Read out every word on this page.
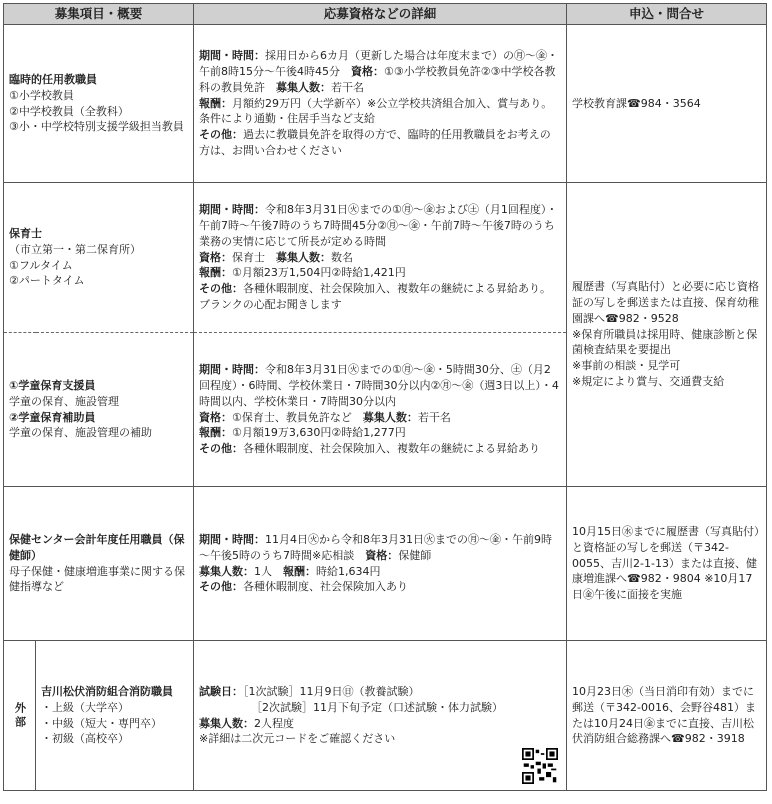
募集項目・概要		応募資格などの詳細	申込・問合せ

臨時的任用教職員
①小学校教員
②中学校教員（全教科）
③小・中学校特別支援学級担当教員		期間・時間：採用日から6カ月（更新した場合は年度末まで）の㊊～㊎・午前8時15分～午後4時45分　 資格：①③小学校教員免許②③中学校各教科の教員免許　 募集人数：若干名
報酬：月額約29万円（大学新卒）※公立学校共済組合加入、賞与あり。条件により通勤・住居手当など支給
その他：過去に教職員免許を取得の方で、臨時的任用教職員をお考えの方は、お問い合わせください	学校教育課☎984・3564

保育士
（市立第一・第二保育所）
①フルタイム
②パートタイム		期間・時間：令和8年3月31日㊋までの①㊊～㊎および㊏（月1回程度）・午前7時～午後7時のうち7時間45分②㊊～㊎・午前7時～午後7時のうち業務の実情に応じて所長が定める時間
資格：保育士　 募集人数：数名
報酬：①月額23万1,504円②時給1,421円
その他：各種休暇制度、社会保険加入、複数年の継続による昇給あり。ブランクの心配お聞きします	履歴書（写真貼付）と必要に応じ資格証の写しを郵送または直接、保育幼稚園課へ☎982・9528
※保育所職員は採用時、健康診断と保菌検査結果を要提出
※事前の相談・見学可
※規定により賞与、交通費支給

①学童保育支援員
学童の保育、施設管理
②学童保育補助員
学童の保育、施設管理の補助		期間・時間：令和8年3月31日㊋までの①㊊～㊎・5時間30分、㊏（月2回程度）・6時間、学校休業日・7時間30分以内②㊊～㊎（週3日以上）・4時間以内、学校休業日・7時間30分以内
資格：①保育士、教員免許など　 募集人数：若干名
報酬：①月額19万3,630円②時給1,277円
その他：各種休暇制度、社会保険加入、複数年の継続による昇給あり	

保健センター会計年度任用職員（保健師）
母子保健・健康増進事業に関する保健指導など		期間・時間：11月4日㊋から令和8年3月31日㊋までの㊊～㊎・午前9時～午後5時のうち7時間※応相談　 資格：保健師
募集人数：1人　 報酬：時給1,634円
その他：各種休暇制度、社会保険加入あり	10月15日㊌までに履歴書（写真貼付）と資格証の写しを郵送（〒342-0055、吉川2-1-13）または直接、健康増進課へ☎982・9804 ※10月17日㊎午後に面接を実施
外部	吉川松伏消防組合消防職員
・上級（大学卒）
・中級（短大・専門卒）
・初級（高校卒）	試験日：［1次試験］11月9日㊐（教養試験）
［2次試験］11月下旬予定（口述試験・体力試験）
募集人数：2人程度
※詳細は二次元コードをご確認ください	10月23日㊍（当日消印有効）までに郵送（〒342-0016、会野谷481）または10月24日㊎までに直接、吉川松伏消防組合総務課へ☎982・3918
